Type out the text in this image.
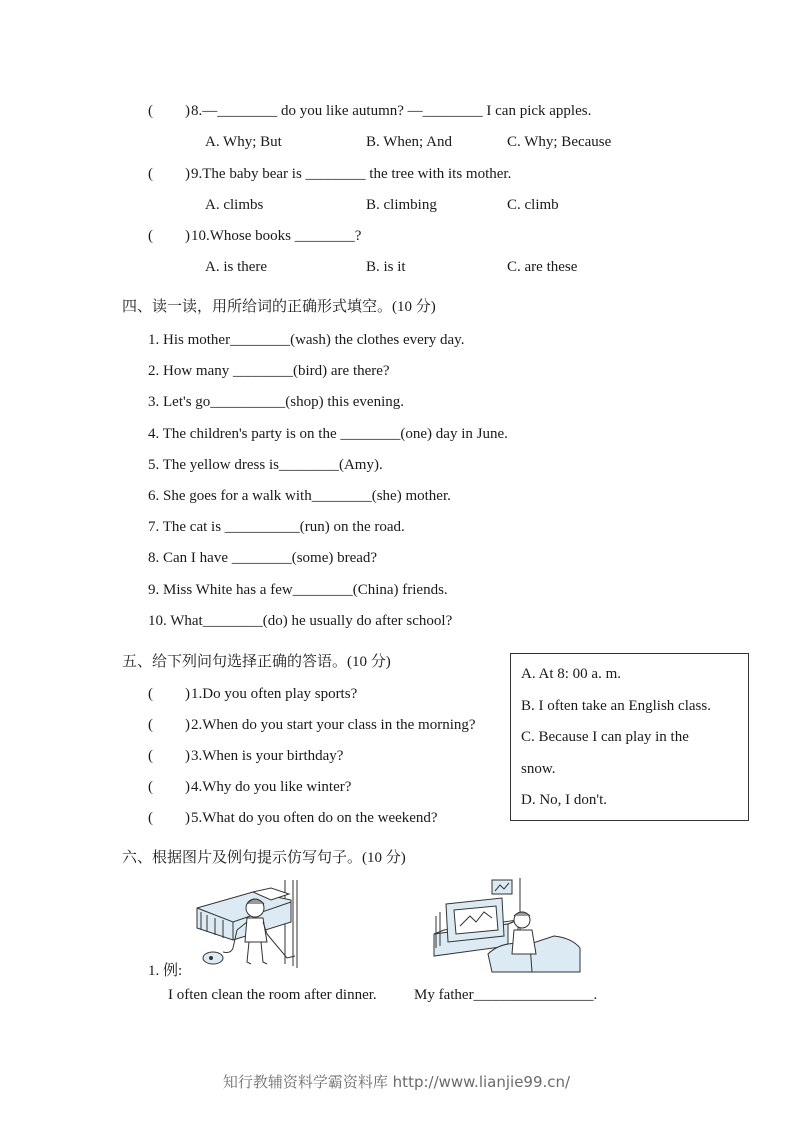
( ) 8.—________ do you like autumn? —________ I can pick apples.
A. Why; But	B. When; And	C. Why; Because
( ) 9.The baby bear is ________ the tree with its mother.
A. climbs	B. climbing	C. climb
( ) 10.Whose books ________?
A. is there	B. is it	C. are these
四、读一读，用所给词的正确形式填空。(10 分)
1. His mother________(wash) the clothes every day.
2. How many ________(bird) are there?
3. Let's go__________(shop) this evening.
4. The children's party is on the ________(one) day in June.
5. The yellow dress is________(Amy).
6. She goes for a walk with________(she) mother.
7. The cat is __________(run) on the road.
8. Can I have ________(some) bread?
9. Miss White has a few________(China) friends.
10. What________(do) he usually do after school?
五、给下列问句选择正确的答语。(10 分)
( ) 1.Do you often play sports?
( ) 2.When do you start your class in the morning?
( ) 3.When is your birthday?
( ) 4.Why do you like winter?
( ) 5.What do you often do on the weekend?
A. At 8: 00 a. m.
B. I often take an English class.
C. Because I can play in the
snow.
D. No, I don't.
六、根据图片及例句提示仿写句子。(10 分)
1. 例:
I often clean the room after dinner. My father________________.
知行教辅资料学霸资料库 http://www.lianjie99.cn/
